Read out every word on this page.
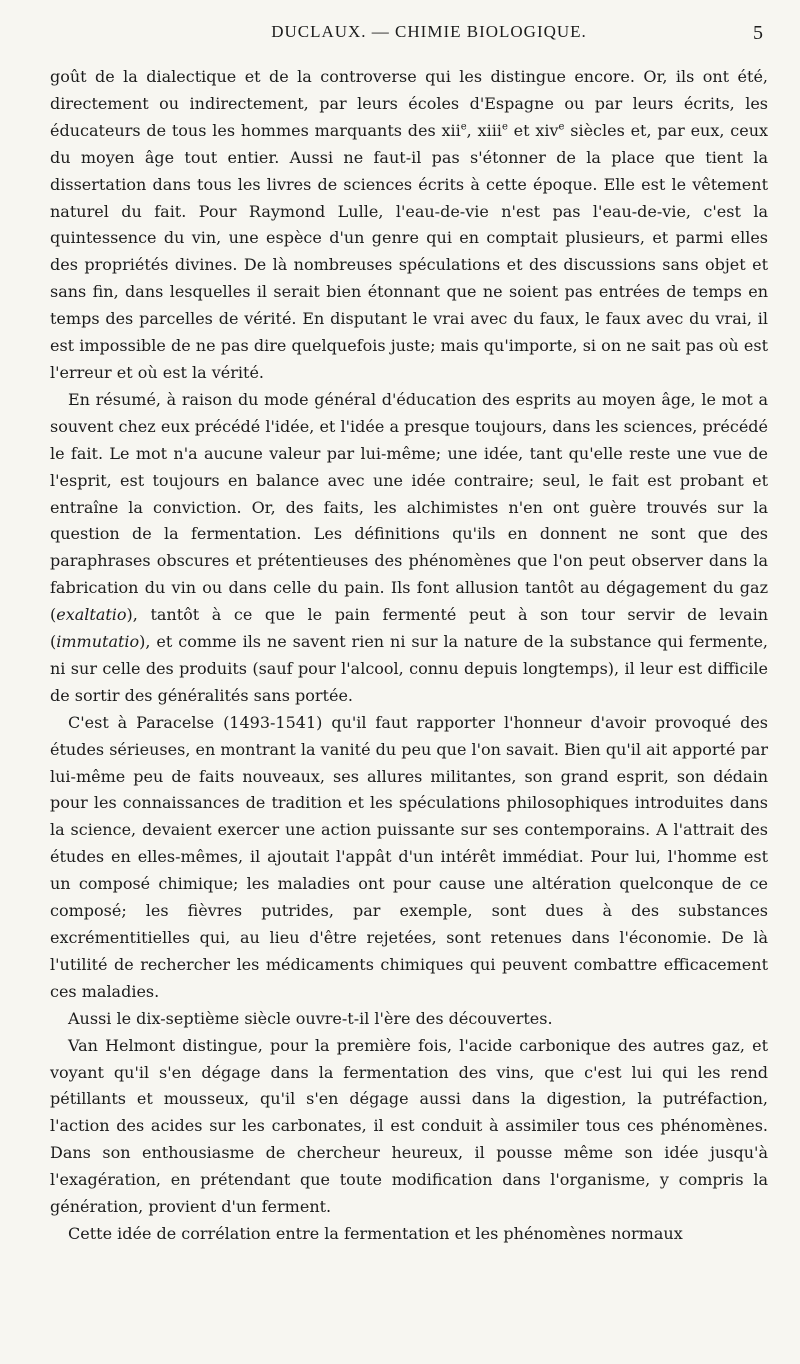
DUCLAUX. — CHIMIE BIOLOGIQUE.	5

goût de la dialectique et de la controverse qui les distingue encore. Or, ils ont été, directement ou indirectement, par leurs écoles d'Espagne ou par leurs écrits, les éducateurs de tous les hommes marquants des xii$^e$, xiii$^e$ et xiv$^e$ siècles et, par eux, ceux du moyen âge tout entier. Aussi ne faut-il pas s'étonner de la place que tient la dissertation dans tous les livres de sciences écrits à cette époque. Elle est le vêtement naturel du fait. Pour Raymond Lulle, l'eau-de-vie n'est pas l'eau-de-vie, c'est la quintessence du vin, une espèce d'un genre qui en comptait plusieurs, et parmi elles des propriétés divines. De là nombreuses spéculations et des discussions sans objet et sans fin, dans lesquelles il serait bien étonnant que ne soient pas entrées de temps en temps des parcelles de vérité. En disputant le vrai avec du faux, le faux avec du vrai, il est impossible de ne pas dire quelquefois juste; mais qu'importe, si on ne sait pas où est l'erreur et où est la vérité.

En résumé, à raison du mode général d'éducation des esprits au moyen âge, le mot a souvent chez eux précédé l'idée, et l'idée a presque toujours, dans les sciences, précédé le fait. Le mot n'a aucune valeur par lui-même; une idée, tant qu'elle reste une vue de l'esprit, est toujours en balance avec une idée contraire; seul, le fait est probant et entraîne la conviction. Or, des faits, les alchimistes n'en ont guère trouvés sur la question de la fermentation. Les définitions qu'ils en donnent ne sont que des paraphrases obscures et prétentieuses des phénomènes que l'on peut observer dans la fabrication du vin ou dans celle du pain. Ils font allusion tantôt au dégagement du gaz (exaltatio), tantôt à ce que le pain fermenté peut à son tour servir de levain (immutatio), et comme ils ne savent rien ni sur la nature de la substance qui fermente, ni sur celle des produits (sauf pour l'alcool, connu depuis longtemps), il leur est difficile de sortir des généralités sans portée.

C'est à Paracelse (1493-1541) qu'il faut rapporter l'honneur d'avoir provoqué des études sérieuses, en montrant la vanité du peu que l'on savait. Bien qu'il ait apporté par lui-même peu de faits nouveaux, ses allures militantes, son grand esprit, son dédain pour les connaissances de tradition et les spéculations philosophiques introduites dans la science, devaient exercer une action puissante sur ses contemporains. A l'attrait des études en elles-mêmes, il ajoutait l'appât d'un intérêt immédiat. Pour lui, l'homme est un composé chimique; les maladies ont pour cause une altération quelconque de ce composé; les fièvres putrides, par exemple, sont dues à des substances excrémentitielles qui, au lieu d'être rejetées, sont retenues dans l'économie. De là l'utilité de rechercher les médicaments chimiques qui peuvent combattre efficacement ces maladies.

Aussi le dix-septième siècle ouvre-t-il l'ère des découvertes.

Van Helmont distingue, pour la première fois, l'acide carbonique des autres gaz, et voyant qu'il s'en dégage dans la fermentation des vins, que c'est lui qui les rend pétillants et mousseux, qu'il s'en dégage aussi dans la digestion, la putréfaction, l'action des acides sur les carbonates, il est conduit à assimiler tous ces phénomènes. Dans son enthousiasme de chercheur heureux, il pousse même son idée jusqu'à l'exagération, en prétendant que toute modification dans l'organisme, y compris la génération, provient d'un ferment.

Cette idée de corrélation entre la fermentation et les phénomènes normaux
